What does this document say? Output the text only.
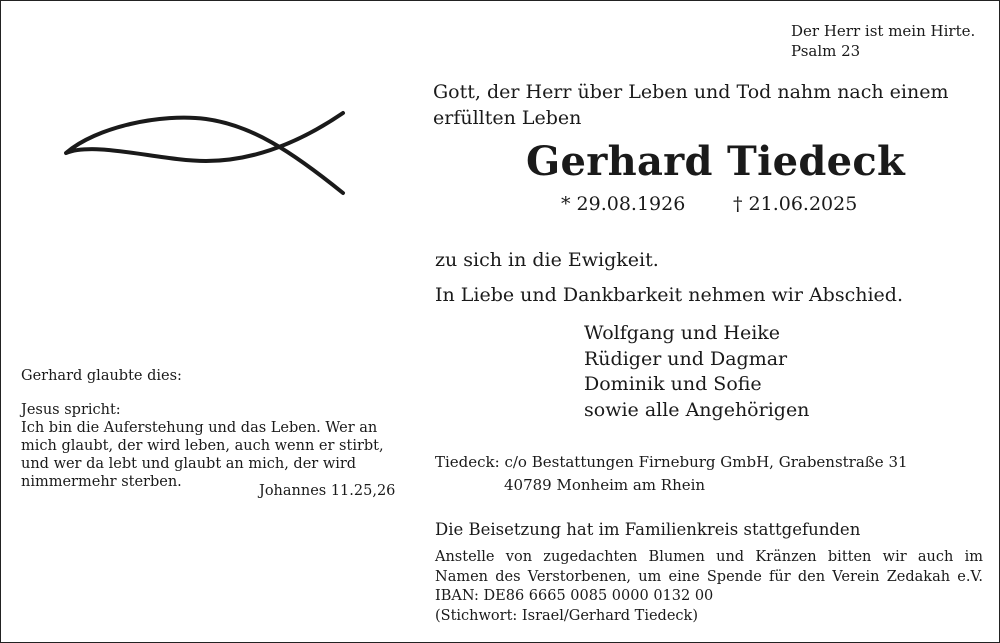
Der Herr ist mein Hirte.
Psalm 23
Gott, der Herr über Leben und Tod nahm nach einem
erfüllten Leben
Gerhard Tiedeck
* 29.08.1926	† 21.06.2025
zu sich in die Ewigkeit.
In Liebe und Dankbarkeit nehmen wir Abschied.
Wolfgang und Heike
Rüdiger und Dagmar
Dominik und Sofie
sowie alle Angehörigen
Gerhard glaubte dies:
Jesus spricht:
Ich bin die Auferstehung und das Leben. Wer an
mich glaubt, der wird leben, auch wenn er stirbt,
und wer da lebt und glaubt an mich, der wird
nimmermehr sterben.
Johannes 11.25,26
Tiedeck: c/o Bestattungen Firneburg GmbH, Grabenstraße 31
40789 Monheim am Rhein
Die Beisetzung hat im Familienkreis stattgefunden
Anstelle von zugedachten Blumen und Kränzen bitten wir auch im
Namen des Verstorbenen, um eine Spende für den Verein Zedakah e.V.
IBAN: DE86 6665 0085 0000 0132 00
(Stichwort: Israel/Gerhard Tiedeck)
